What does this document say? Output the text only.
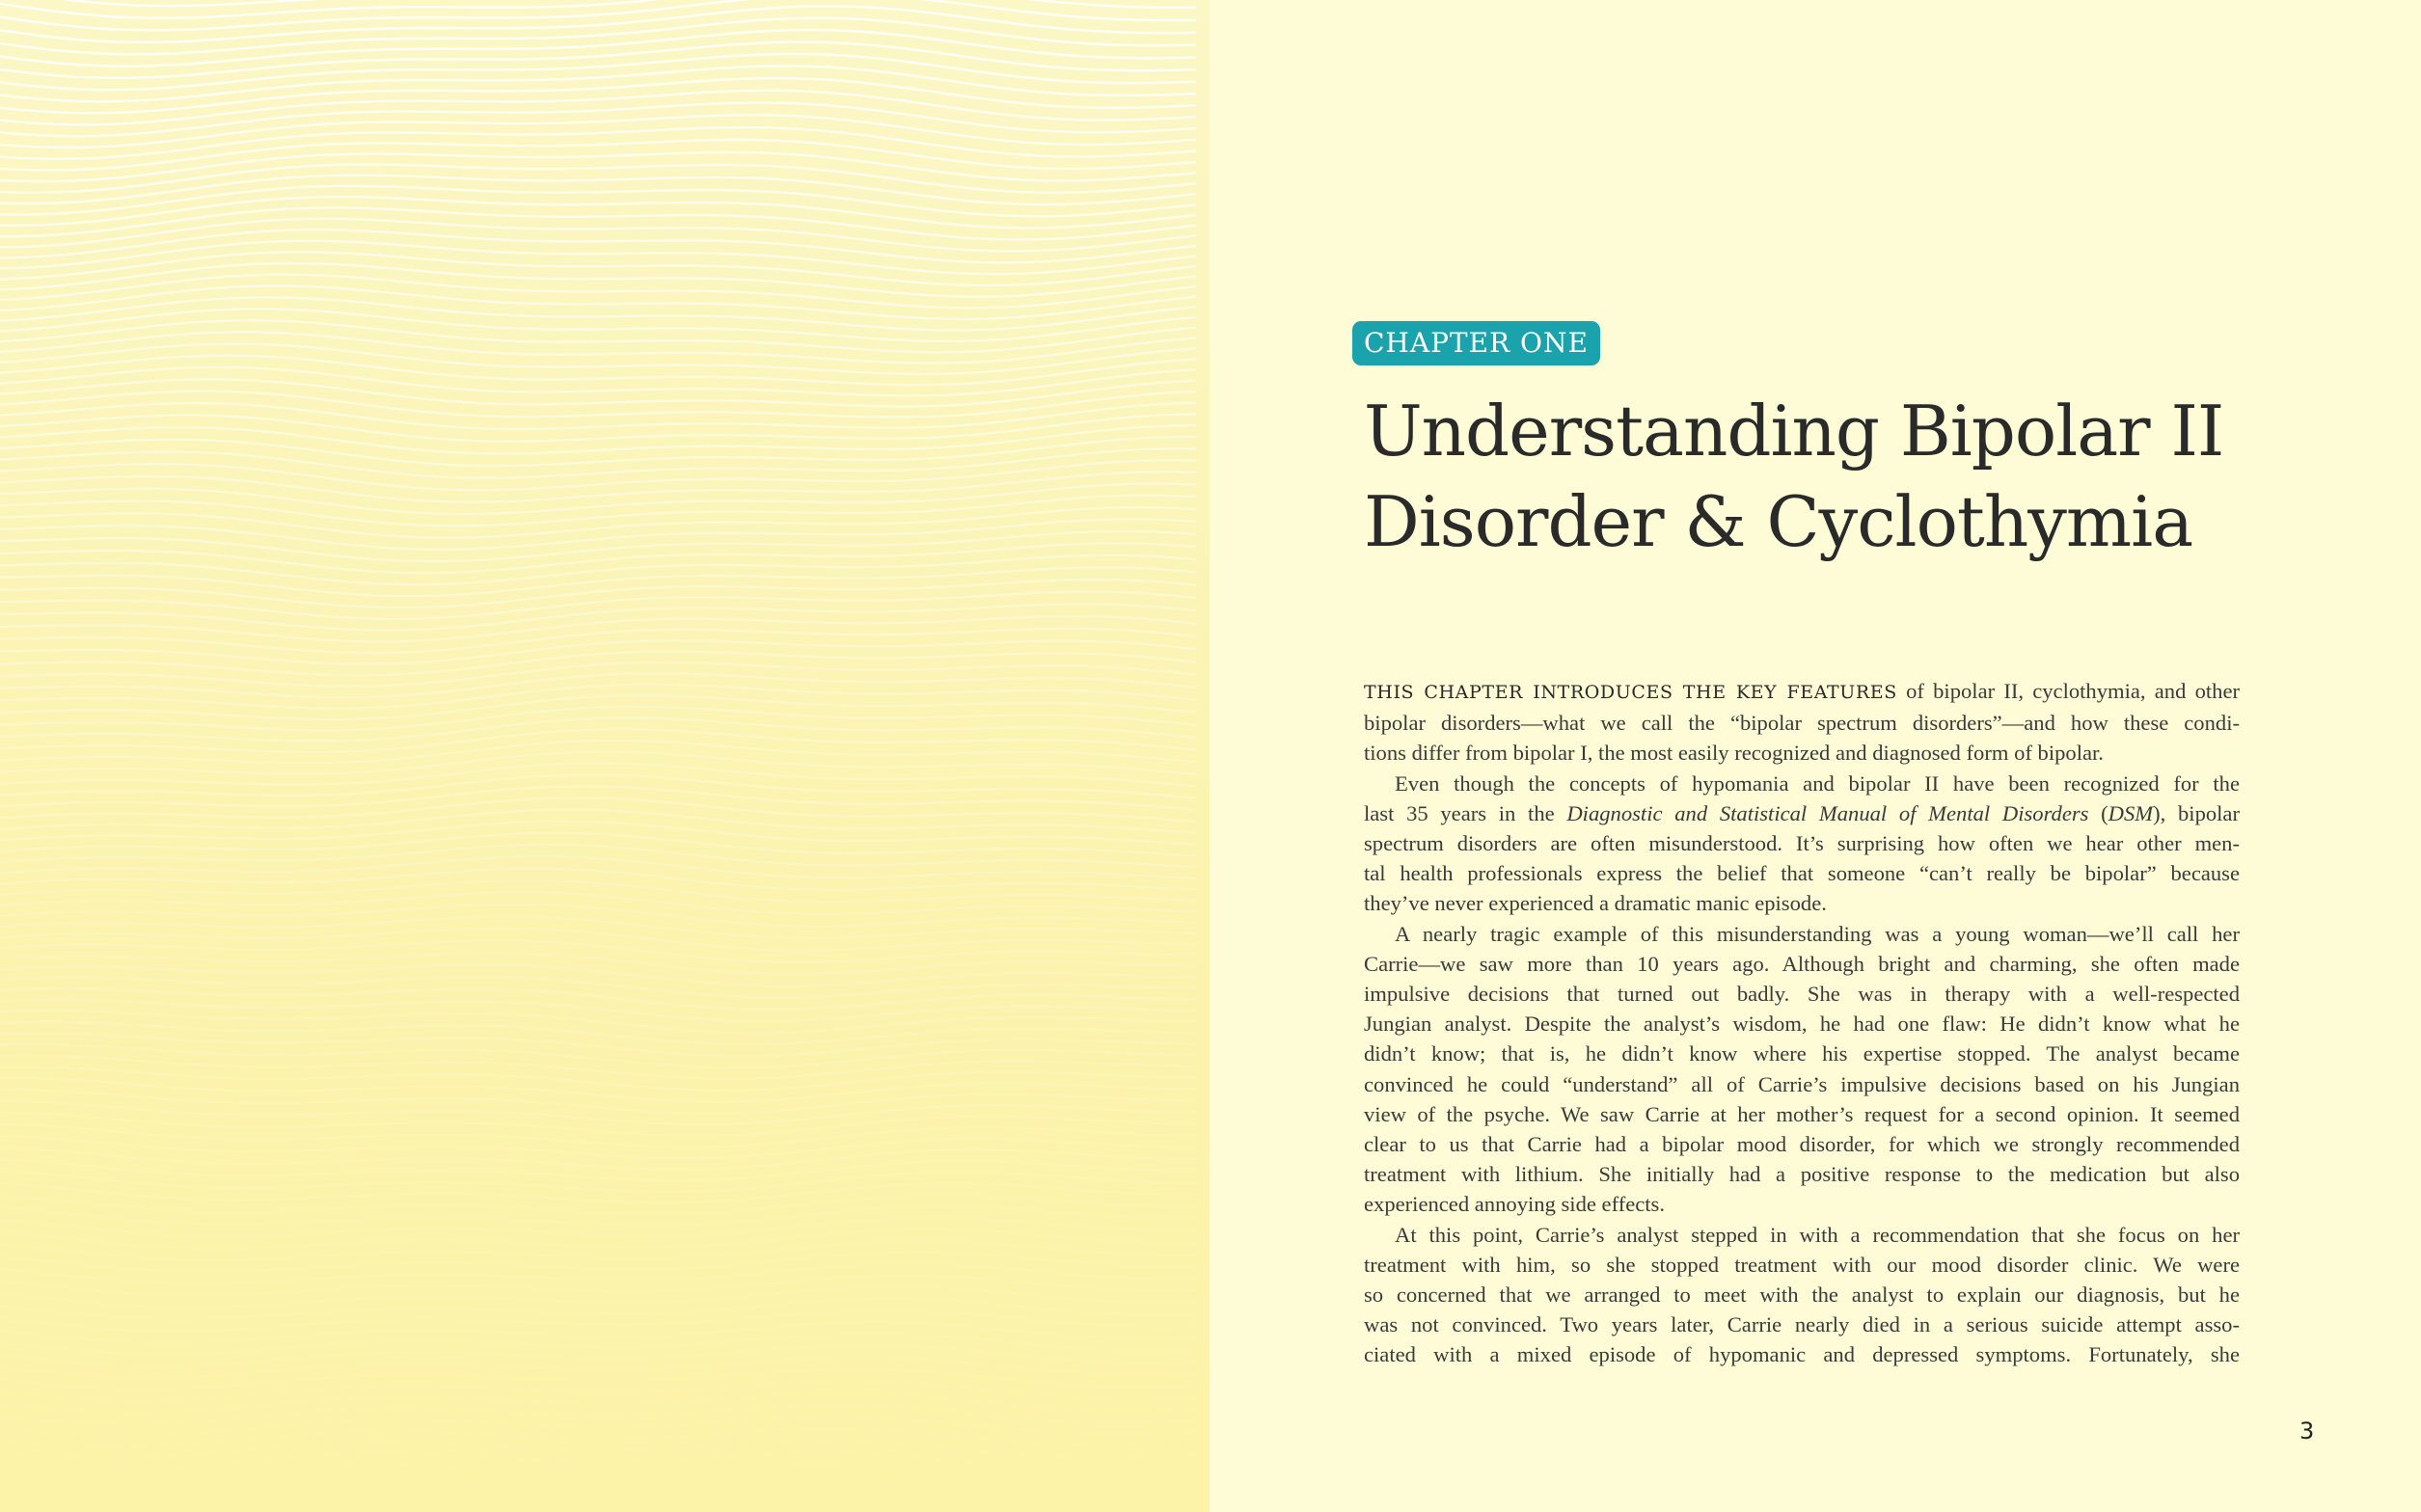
CHAPTER ONE
Understanding Bipolar II
Disorder & Cyclothymia
THIS CHAPTER INTRODUCES THE KEY FEATURES of bipolar II, cyclothymia, and other
bipolar disorders—what we call the “bipolar spectrum disorders”—and how these condi-
tions differ from bipolar I, the most easily recognized and diagnosed form of bipolar.
Even though the concepts of hypomania and bipolar II have been recognized for the
last 35 years in the Diagnostic and Statistical Manual of Mental Disorders (DSM), bipolar
spectrum disorders are often misunderstood. It’s surprising how often we hear other men-
tal health professionals express the belief that someone “can’t really be bipolar” because
they’ve never experienced a dramatic manic episode.
A nearly tragic example of this misunderstanding was a young woman—we’ll call her
Carrie—we saw more than 10 years ago. Although bright and charming, she often made
impulsive decisions that turned out badly. She was in therapy with a well-respected
Jungian analyst. Despite the analyst’s wisdom, he had one flaw: He didn’t know what he
didn’t know; that is, he didn’t know where his expertise stopped. The analyst became
convinced he could “understand” all of Carrie’s impulsive decisions based on his Jungian
view of the psyche. We saw Carrie at her mother’s request for a second opinion. It seemed
clear to us that Carrie had a bipolar mood disorder, for which we strongly recommended
treatment with lithium. She initially had a positive response to the medication but also
experienced annoying side effects.
At this point, Carrie’s analyst stepped in with a recommendation that she focus on her
treatment with him, so she stopped treatment with our mood disorder clinic. We were
so concerned that we arranged to meet with the analyst to explain our diagnosis, but he
was not convinced. Two years later, Carrie nearly died in a serious suicide attempt asso-
ciated with a mixed episode of hypomanic and depressed symptoms. Fortunately, she
3
